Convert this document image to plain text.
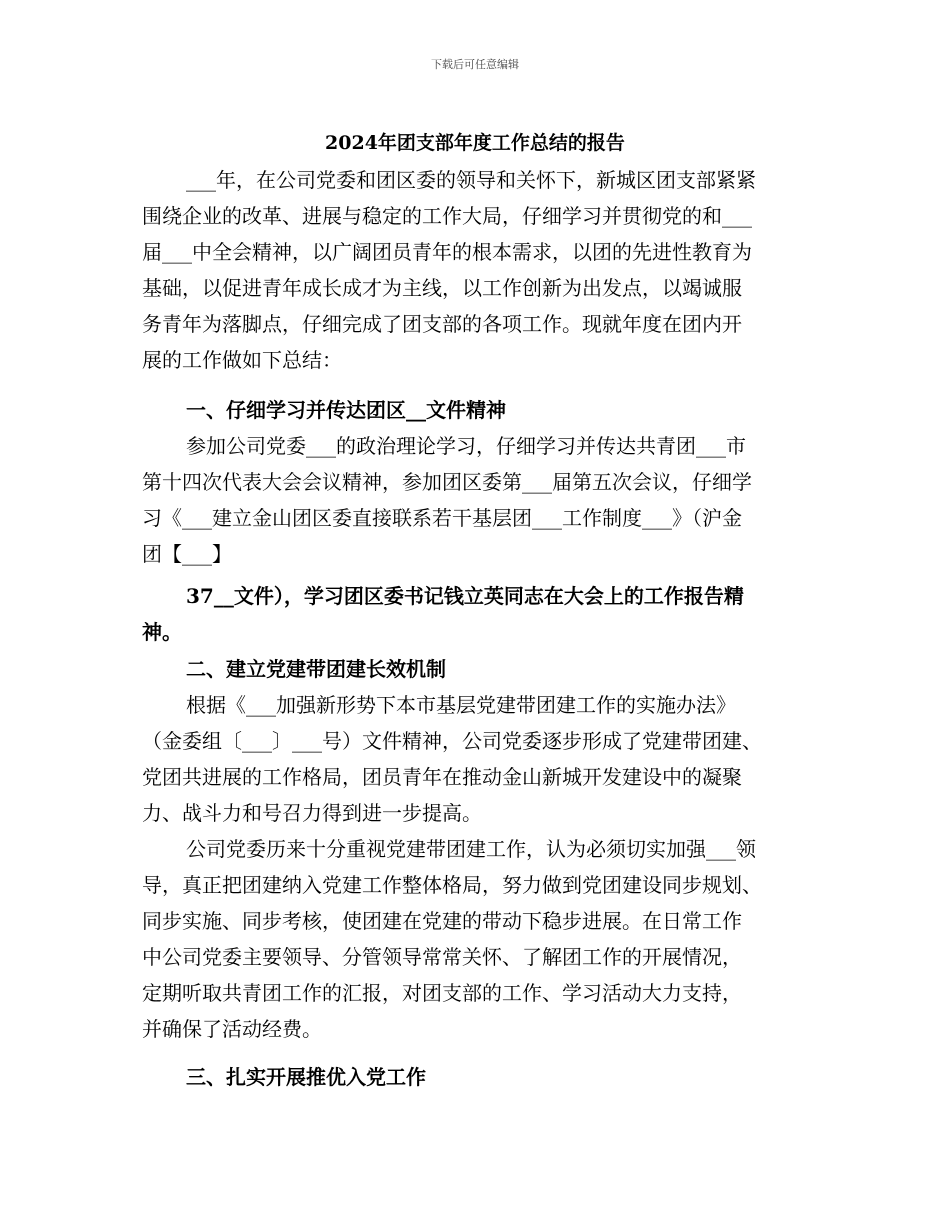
下载后可任意编辑
2024年团支部年度工作总结的报告
___年，在公司党委和团区委的领导和关怀下，新城区团支部紧紧
围绕企业的改革、进展与稳定的工作大局，仔细学习并贯彻党的和___
届___中全会精神，以广阔团员青年的根本需求，以团的先进性教育为
基础，以促进青年成长成才为主线，以工作创新为出发点，以竭诚服
务青年为落脚点，仔细完成了团支部的各项工作。现就年度在团内开
展的工作做如下总结：
一、仔细学习并传达团区__文件精神
参加公司党委___的政治理论学习，仔细学习并传达共青团___市
第十四次代表大会会议精神，参加团区委第___届第五次会议，仔细学
习《___建立金山团区委直接联系若干基层团___工作制度___》（沪金
团【___】
37__文件），学习团区委书记钱立英同志在大会上的工作报告精
神。
二、建立党建带团建长效机制
根据《___加强新形势下本市基层党建带团建工作的实施办法》
（金委组〔___〕___号）文件精神，公司党委逐步形成了党建带团建、
党团共进展的工作格局，团员青年在推动金山新城开发建设中的凝聚
力、战斗力和号召力得到进一步提高。
公司党委历来十分重视党建带团建工作，认为必须切实加强___领
导，真正把团建纳入党建工作整体格局，努力做到党团建设同步规划、
同步实施、同步考核，使团建在党建的带动下稳步进展。在日常工作
中公司党委主要领导、分管领导常常关怀、了解团工作的开展情况，
定期听取共青团工作的汇报，对团支部的工作、学习活动大力支持，
并确保了活动经费。
三、扎实开展推优入党工作
